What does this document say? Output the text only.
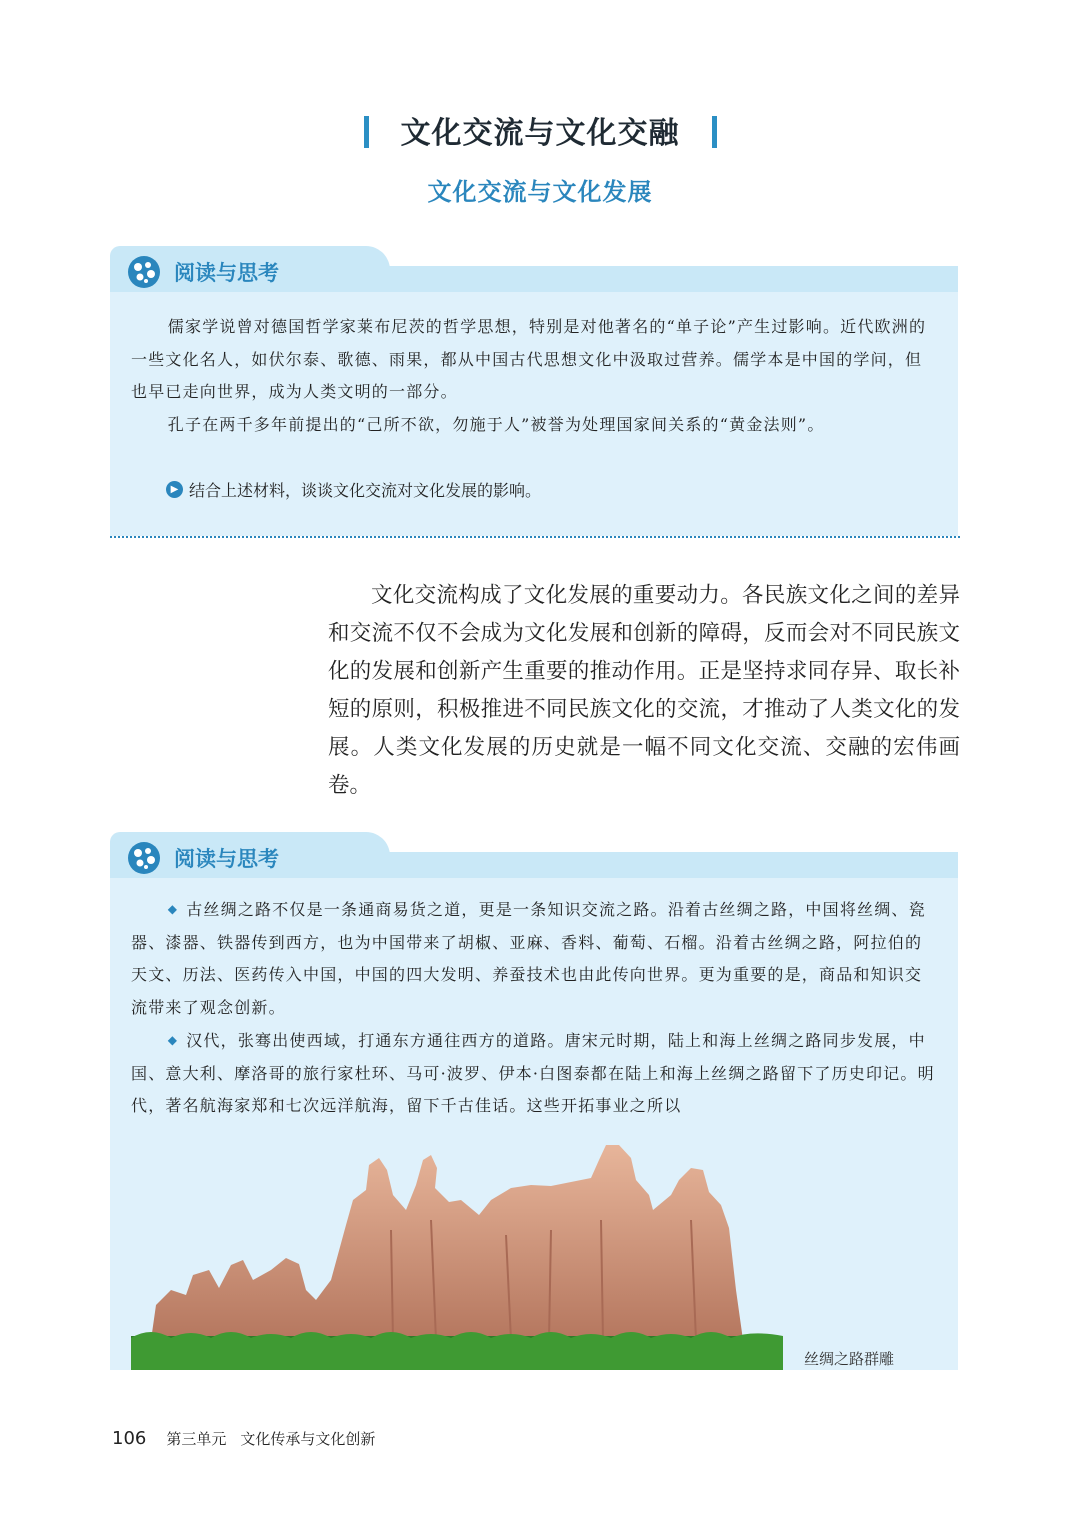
文化交流与文化交融
文化交流与文化发展
阅读与思考

儒家学说曾对德国哲学家莱布尼茨的哲学思想，特别是对他著名的“单子论”产生过影响。近代欧洲的一些文化名人，如伏尔泰、歌德、雨果，都从中国古代思想文化中汲取过营养。儒学本是中国的学问，但也早已走向世界，成为人类文明的一部分。

孔子在两千多年前提出的“己所不欲，勿施于人”被誉为处理国家间关系的“黄金法则”。

▶ 结合上述材料，谈谈文化交流对文化发展的影响。

文化交流构成了文化发展的重要动力。各民族文化之间的差异和交流不仅不会成为文化发展和创新的障碍，反而会对不同民族文化的发展和创新产生重要的推动作用。正是坚持求同存异、取长补短的原则，积极推进不同民族文化的交流，才推动了人类文化的发展。人类文化发展的历史就是一幅不同文化交流、交融的宏伟画卷。

阅读与思考

◆ 古丝绸之路不仅是一条通商易货之道，更是一条知识交流之路。沿着古丝绸之路，中国将丝绸、瓷器、漆器、铁器传到西方，也为中国带来了胡椒、亚麻、香料、葡萄、石榴。沿着古丝绸之路，阿拉伯的天文、历法、医药传入中国，中国的四大发明、养蚕技术也由此传向世界。更为重要的是，商品和知识交流带来了观念创新。

◆ 汉代，张骞出使西域，打通东方通往西方的道路。唐宋元时期，陆上和海上丝绸之路同步发展，中国、意大利、摩洛哥的旅行家杜环、马可·波罗、伊本·白图泰都在陆上和海上丝绸之路留下了历史印记。明代，著名航海家郑和七次远洋航海，留下千古佳话。这些开拓事业之所以

丝绸之路群雕
106 第三单元 文化传承与文化创新
